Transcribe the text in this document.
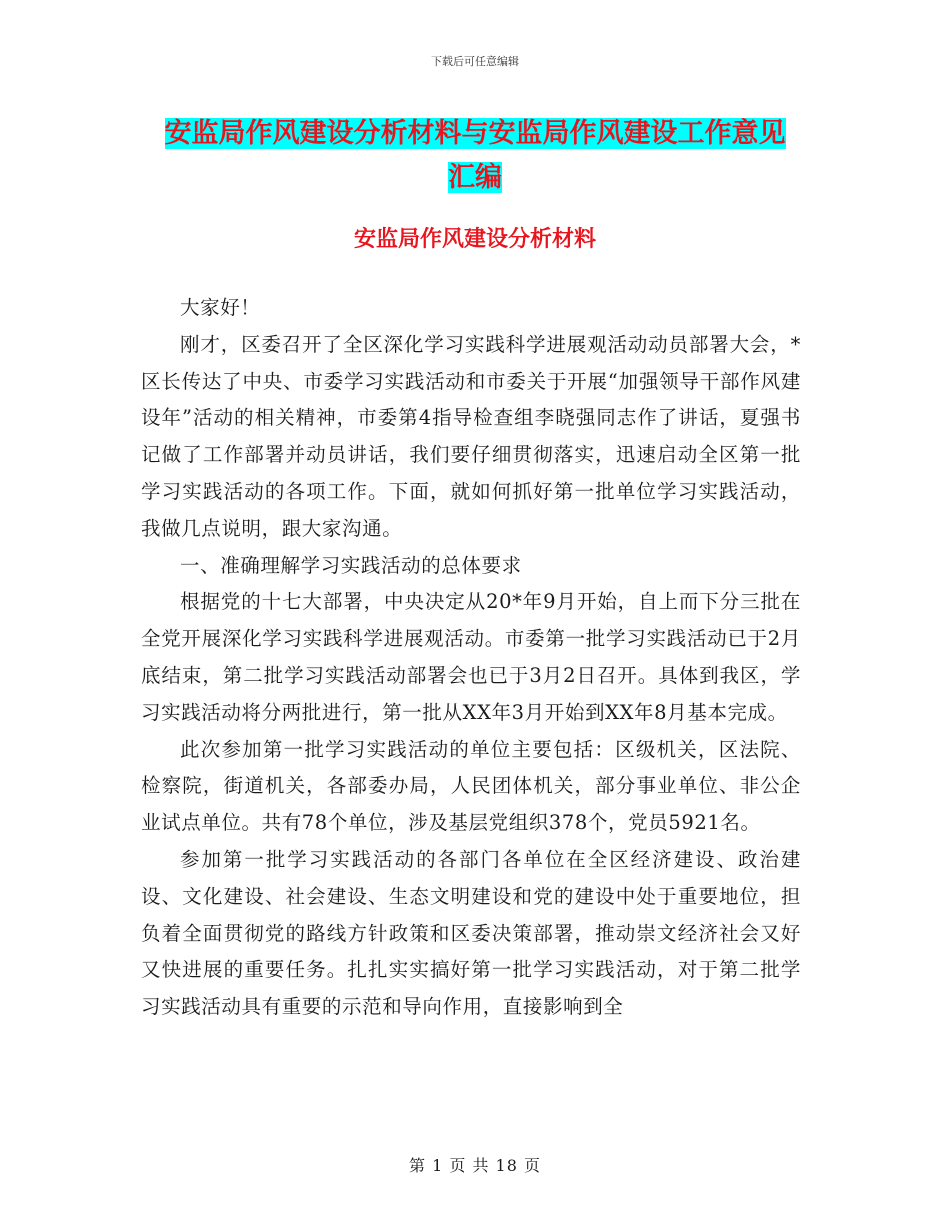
下载后可任意编辑
安监局作风建设分析材料与安监局作风建设工作意见
汇编
安监局作风建设分析材料

大家好！

刚才，区委召开了全区深化学习实践科学进展观活动动员部署大会，*区长传达了中央、市委学习实践活动和市委关于开展“加强领导干部作风建设年”活动的相关精神，市委第4指导检查组李晓强同志作了讲话，夏强书记做了工作部署并动员讲话，我们要仔细贯彻落实，迅速启动全区第一批学习实践活动的各项工作。下面，就如何抓好第一批单位学习实践活动，我做几点说明，跟大家沟通。

一、准确理解学习实践活动的总体要求

根据党的十七大部署，中央决定从20*年9月开始，自上而下分三批在全党开展深化学习实践科学进展观活动。市委第一批学习实践活动已于2月底结束，第二批学习实践活动部署会也已于3月2日召开。具体到我区，学习实践活动将分两批进行，第一批从XX年3月开始到XX年8月基本完成。

此次参加第一批学习实践活动的单位主要包括：区级机关，区法院、检察院，街道机关，各部委办局，人民团体机关，部分事业单位、非公企业试点单位。共有78个单位，涉及基层党组织378个，党员5921名。

参加第一批学习实践活动的各部门各单位在全区经济建设、政治建设、文化建设、社会建设、生态文明建设和党的建设中处于重要地位，担负着全面贯彻党的路线方针政策和区委决策部署，推动崇文经济社会又好又快进展的重要任务。扎扎实实搞好第一批学习实践活动，对于第二批学习实践活动具有重要的示范和导向作用，直接影响到全

第 1 页 共 18 页
